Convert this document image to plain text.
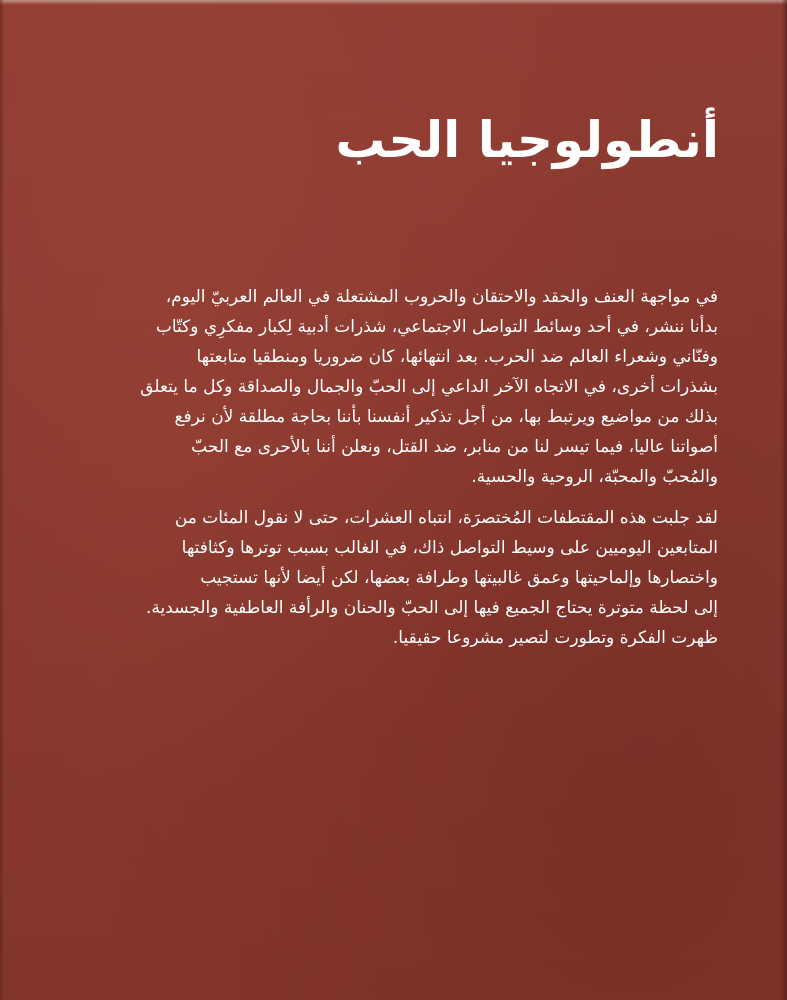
أنطولوجيا الحب

في مواجهة العنف والحقد والاحتقان والحروب المشتعلة في العالم العربيّ اليوم،
بدأنا ننشر، في أحد وسائط التواصل الاجتماعي، شذرات أدبية لِكبار مفكرِي وكتّاب
وفنّاني وشعراء العالم ضد الحرب. بعد انتهائها، كان ضروريا ومنطقيا متابعتها
بشذرات أخرى، في الاتجاه الآخر الداعي إلى الحبّ والجمال والصداقة وكل ما يتعلق
بذلك من مواضيع ويرتبط بها، من أجل تذكير أنفسنا بأننا بحاجة مطلقة لأن نرفع
أصواتنا عاليا، فيما تيسر لنا من منابر، ضد القتل، ونعلن أننا بالأحرى مع الحبّ
والمُحبّ والمحبّة، الروحية والحسية.

لقد جلبت هذه المقتطفات المُختصرَة، انتباه العشرات، حتى لا نقول المئات من
المتابعين اليوميين على وسيط التواصل ذاك، في الغالب بسبب توترها وكثافتها
واختصارها وإلماحيتها وعمق غالبيتها وطرافة بعضها، لكن أيضا لأنها تستجيب
إلى لحظة متوترة يحتاج الجميع فيها إلى الحبّ والحنان والرأفة العاطفية والجسدية.
ظهرت الفكرة وتطورت لتصير مشروعا حقيقيا.
